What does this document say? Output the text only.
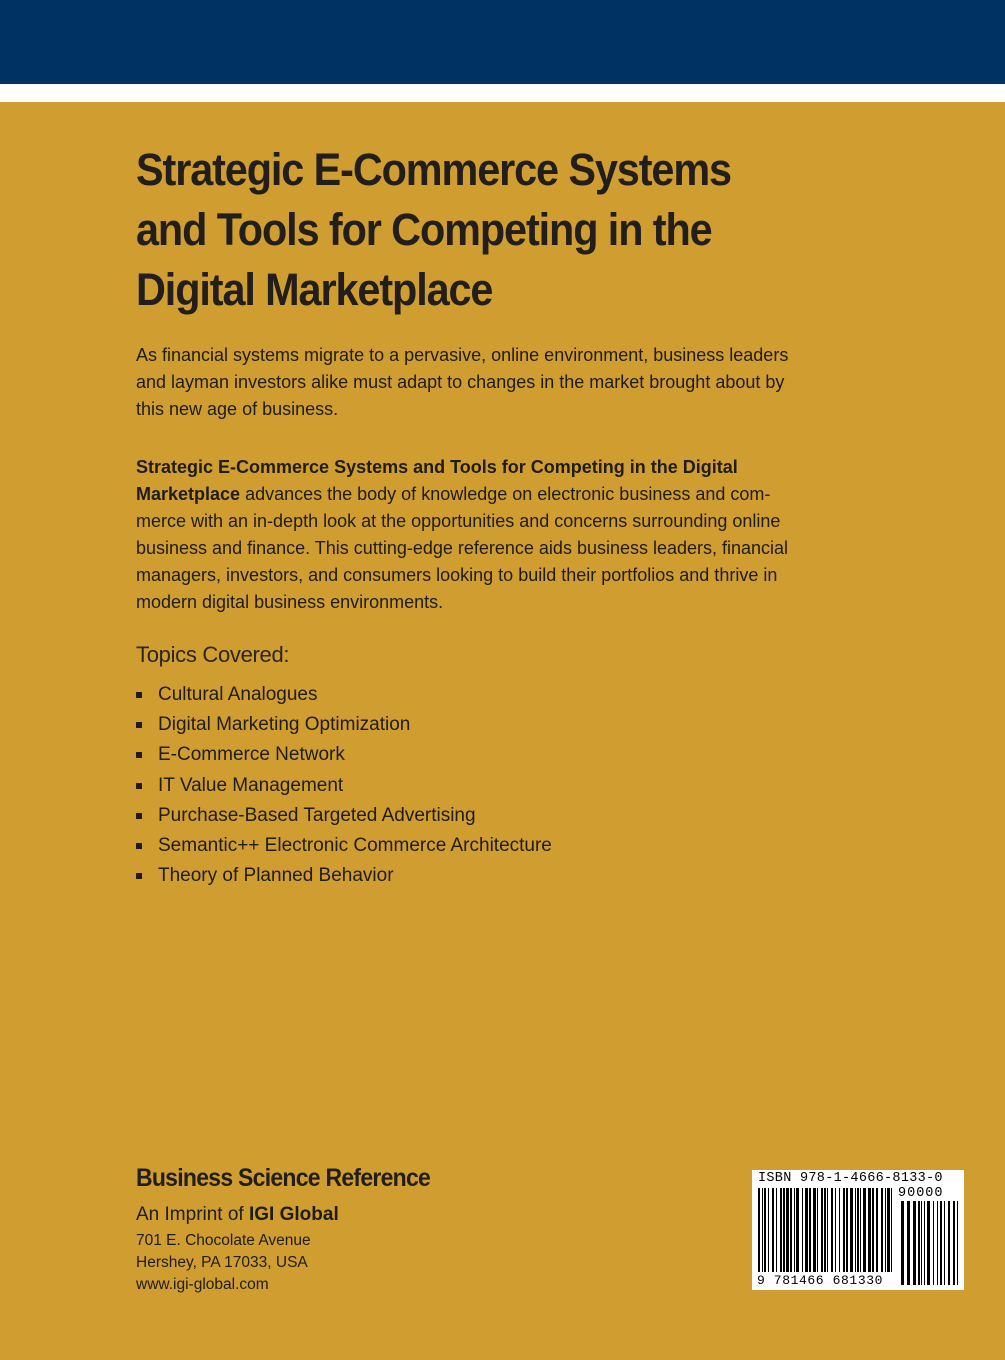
Strategic E-Commerce Systems
and Tools for Competing in the
Digital Marketplace

As financial systems migrate to a pervasive, online environment, business leaders
and layman investors alike must adapt to changes in the market brought about by
this new age of business.

Strategic E-Commerce Systems and Tools for Competing in the Digital
Marketplace advances the body of knowledge on electronic business and com-
merce with an in-depth look at the opportunities and concerns surrounding online
business and finance. This cutting-edge reference aids business leaders, financial
managers, investors, and consumers looking to build their portfolios and thrive in
modern digital business environments.

Topics Covered:
Cultural Analogues
Digital Marketing Optimization
E-Commerce Network
IT Value Management
Purchase-Based Targeted Advertising
Semantic++ Electronic Commerce Architecture
Theory of Planned Behavior

Business Science Reference

An Imprint of IGI Global

701 E. Chocolate Avenue

Hershey, PA 17033, USA

www.igi-global.com

ISBN 978-1-4666-8133-0

90000

9 781466 681330
